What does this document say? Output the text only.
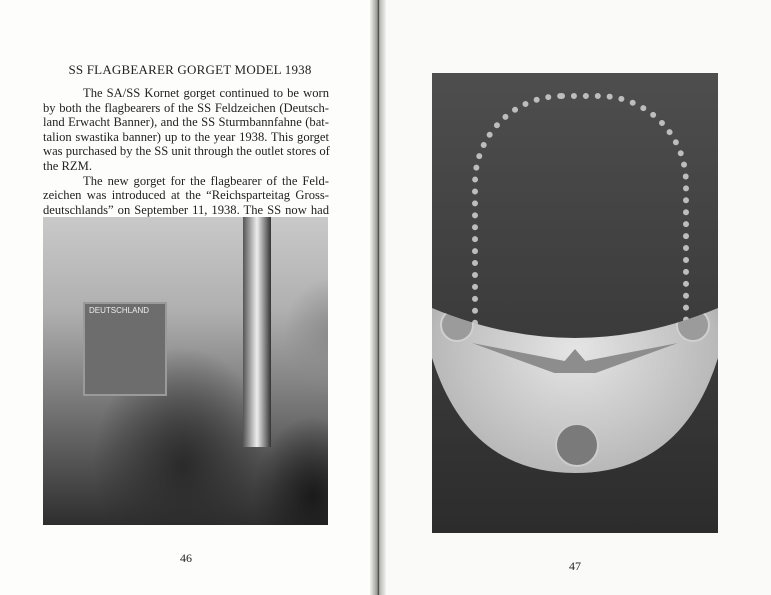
SS FLAGBEARER GORGET MODEL 1938
The SA/SS Kornet gorget continued to be worn
by both the flagbearers of the SS Feldzeichen (Deutsch-
land Erwacht Banner), and the SS Sturmbannfahne (bat-
talion swastika banner) up to the year 1938. This gorget
was purchased by the SS unit through the outlet stores of
the RZM.
The new gorget for the flagbearer of the Feld-
zeichen was introduced at the “Reichsparteitag Gross-
deutschlands” on September 11, 1938. The SS now had
DEUTSCHLAND
46
47
